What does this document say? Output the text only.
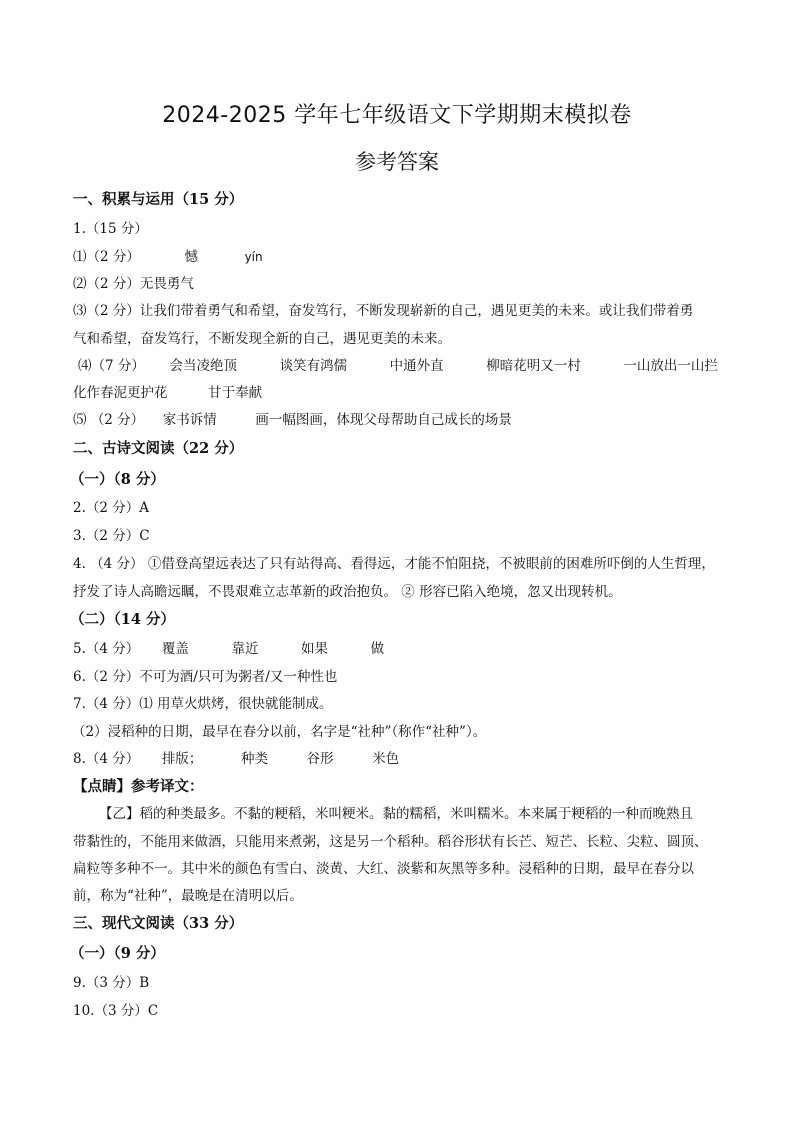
2024-2025 学年七年级语文下学期期末模拟卷
参考答案
一、积累与运用（15 分）
1.（15 分）
⑴（2 分）	憾	yín
⑵（2 分）无畏勇气
⑶（2 分）让我们带着勇气和希望，奋发笃行，不断发现崭新的自己，遇见更美的未来。或让我们带着勇
气和希望，奋发笃行，不断发现全新的自己，遇见更美的未来。
⑷（7 分） 会当凌绝顶	谈笑有鸿儒	中通外直	柳暗花明又一村	一山放出一山拦
化作春泥更护花	甘于奉献
⑸ （2 分） 家书诉情	画一幅图画，体现父母帮助自己成长的场景
二、古诗文阅读（22 分）
（一）（8 分）
2.（2 分）A
3.（2 分）C
4. （4 分） ①借登高望远表达了只有站得高、看得远，才能不怕阻挠，不被眼前的困难所吓倒的人生哲理，
抒发了诗人高瞻远瞩，不畏艰难立志革新的政治抱负。 ② 形容已陷入绝境，忽又出现转机。
（二）（14 分）
5.（4 分） 覆盖	靠近	如果	做
6.（2 分）不可为酒/只可为粥者/又一种性也
7.（4 分）⑴ 用草火烘烤，很快就能制成。
（2）浸稻种的日期，最早在春分以前，名字是“社种”（称作“社种”）。
8.（4 分） 排版；	种类	谷形	米色
【点睛】参考译文：
【乙】稻的种类最多。不黏的粳稻，米叫粳米。黏的糯稻，米叫糯米。本来属于粳稻的一种而晚熟且
带黏性的，不能用来做酒，只能用来煮粥，这是另一个稻种。稻谷形状有长芒、短芒、长粒、尖粒、圆顶、
扁粒等多种不一。其中米的颜色有雪白、淡黄、大红、淡紫和灰黑等多种。浸稻种的日期，最早在春分以
前，称为“社种”，最晚是在清明以后。
三、现代文阅读（33 分）
（一）（9 分）
9.（3 分）B
10.（3 分）C
